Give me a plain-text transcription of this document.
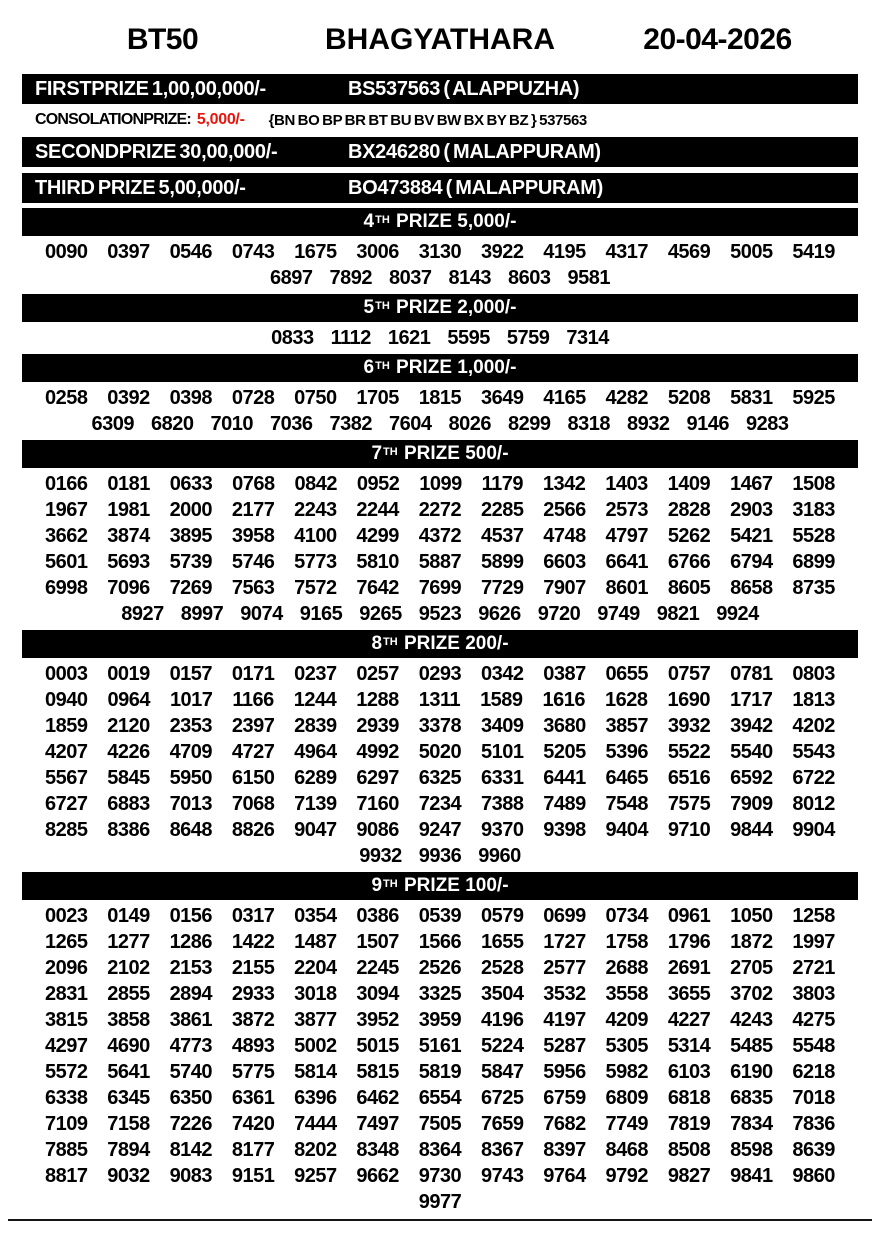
BT50	BHAGYATHARA	20-04-2026
FIRSTPRIZE 1,00,00,000/-	BS537563 ( ALAPPUZHA)
CONSOLATIONPRIZE: 5,000/- {BN BO BP BR BT BU BV BW BX BY BZ } 537563
SECONDPRIZE 30,00,000/-	BX246280 ( MALAPPURAM)
THIRD PRIZE 5,00,000/-	BO473884 ( MALAPPURAM)
4TH PRIZE 5,000/-
0090 0397 0546 0743 1675 3006 3130 3922 4195 4317 4569 5005 5419
6897 7892 8037 8143 8603 9581
5TH PRIZE 2,000/-
0833 1112 1621 5595 5759 7314
6TH PRIZE 1,000/-
0258 0392 0398 0728 0750 1705 1815 3649 4165 4282 5208 5831 5925
6309 6820 7010 7036 7382 7604 8026 8299 8318 8932 9146 9283
7TH PRIZE 500/-
0166 0181 0633 0768 0842 0952 1099 1179 1342 1403 1409 1467 1508
1967 1981 2000 2177 2243 2244 2272 2285 2566 2573 2828 2903 3183
3662 3874 3895 3958 4100 4299 4372 4537 4748 4797 5262 5421 5528
5601 5693 5739 5746 5773 5810 5887 5899 6603 6641 6766 6794 6899
6998 7096 7269 7563 7572 7642 7699 7729 7907 8601 8605 8658 8735
8927 8997 9074 9165 9265 9523 9626 9720 9749 9821 9924
8TH PRIZE 200/-
0003 0019 0157 0171 0237 0257 0293 0342 0387 0655 0757 0781 0803
0940 0964 1017 1166 1244 1288 1311 1589 1616 1628 1690 1717 1813
1859 2120 2353 2397 2839 2939 3378 3409 3680 3857 3932 3942 4202
4207 4226 4709 4727 4964 4992 5020 5101 5205 5396 5522 5540 5543
5567 5845 5950 6150 6289 6297 6325 6331 6441 6465 6516 6592 6722
6727 6883 7013 7068 7139 7160 7234 7388 7489 7548 7575 7909 8012
8285 8386 8648 8826 9047 9086 9247 9370 9398 9404 9710 9844 9904
9932 9936 9960
9TH PRIZE 100/-
0023 0149 0156 0317 0354 0386 0539 0579 0699 0734 0961 1050 1258
1265 1277 1286 1422 1487 1507 1566 1655 1727 1758 1796 1872 1997
2096 2102 2153 2155 2204 2245 2526 2528 2577 2688 2691 2705 2721
2831 2855 2894 2933 3018 3094 3325 3504 3532 3558 3655 3702 3803
3815 3858 3861 3872 3877 3952 3959 4196 4197 4209 4227 4243 4275
4297 4690 4773 4893 5002 5015 5161 5224 5287 5305 5314 5485 5548
5572 5641 5740 5775 5814 5815 5819 5847 5956 5982 6103 6190 6218
6338 6345 6350 6361 6396 6462 6554 6725 6759 6809 6818 6835 7018
7109 7158 7226 7420 7444 7497 7505 7659 7682 7749 7819 7834 7836
7885 7894 8142 8177 8202 8348 8364 8367 8397 8468 8508 8598 8639
8817 9032 9083 9151 9257 9662 9730 9743 9764 9792 9827 9841 9860
9977
